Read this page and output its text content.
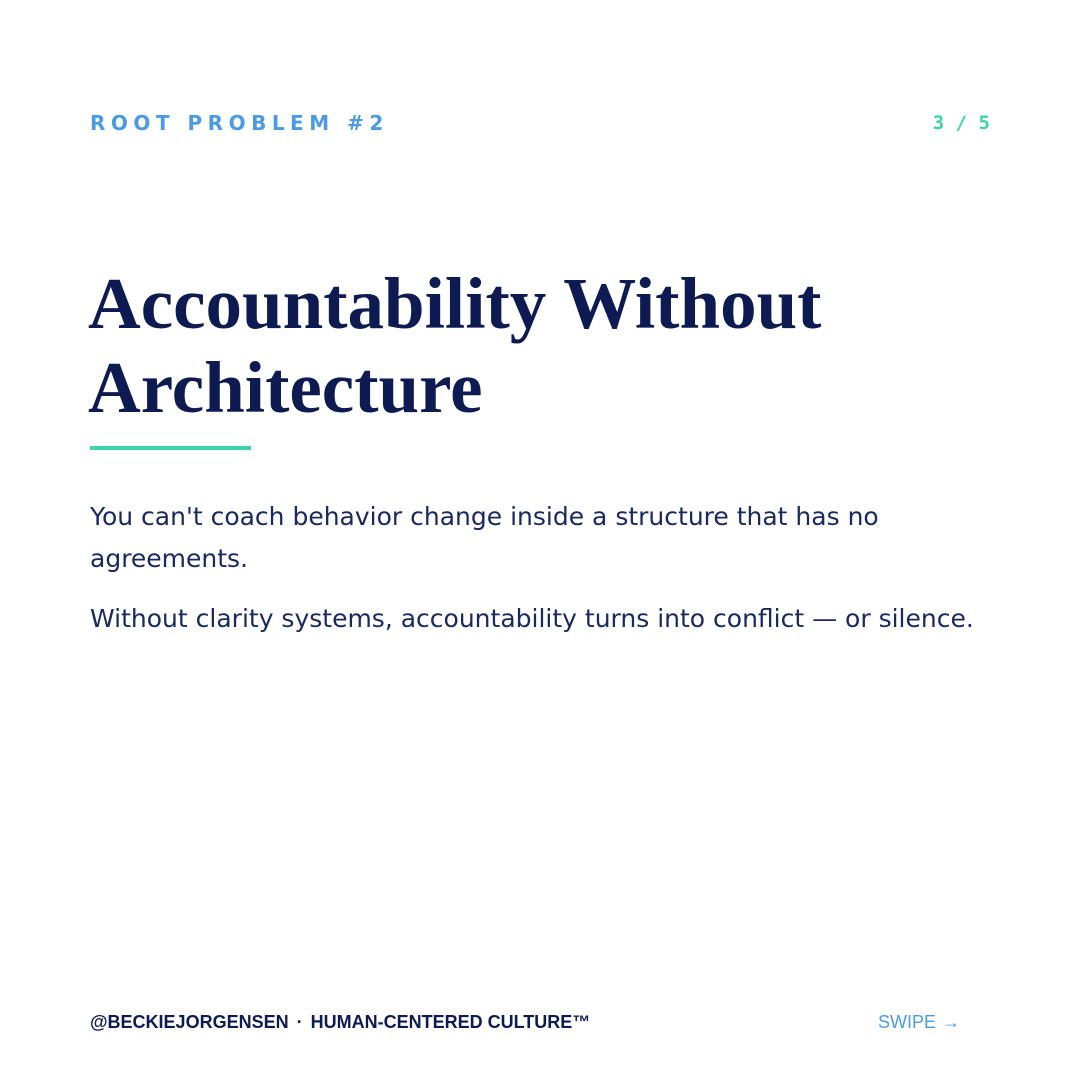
ROOT PROBLEM #2	3 / 5
Accountability Without Architecture

You can't coach behavior change inside a structure that has no agreements.

Without clarity systems, accountability turns into conflict — or silence.

@BECKIEJORGENSEN · HUMAN-CENTERED CULTURE™	SWIPE →
